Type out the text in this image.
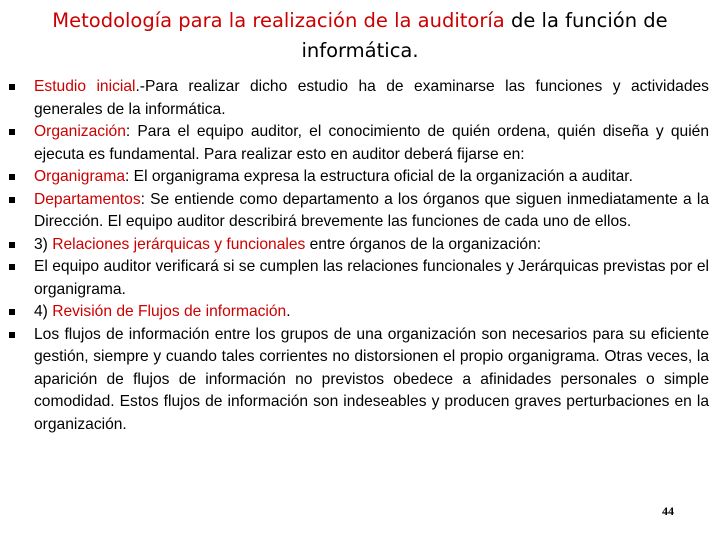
Metodología para la realización de la auditoría de la función de informática.
Estudio inicial.-Para realizar dicho estudio ha de examinarse las funciones y actividades generales de la informática.
Organización: Para el equipo auditor, el conocimiento de quién ordena, quién diseña y quién ejecuta es fundamental. Para realizar esto en auditor deberá fijarse en:
Organigrama: El organigrama expresa la estructura oficial de la organización a auditar.
Departamentos: Se entiende como departamento a los órganos que siguen inmediatamente a la Dirección. El equipo auditor describirá brevemente las funciones de cada uno de ellos.
3) Relaciones jerárquicas y funcionales entre órganos de la organización:
El equipo auditor verificará si se cumplen las relaciones funcionales y Jerárquicas previstas por el organigrama.
4) Revisión de Flujos de información.
Los flujos de información entre los grupos de una organización son necesarios para su eficiente gestión, siempre y cuando tales corrientes no distorsionen el propio organigrama. Otras veces, la aparición de flujos de información no previstos obedece a afinidades personales o simple comodidad. Estos flujos de información son indeseables y producen graves perturbaciones en la organización.
44
